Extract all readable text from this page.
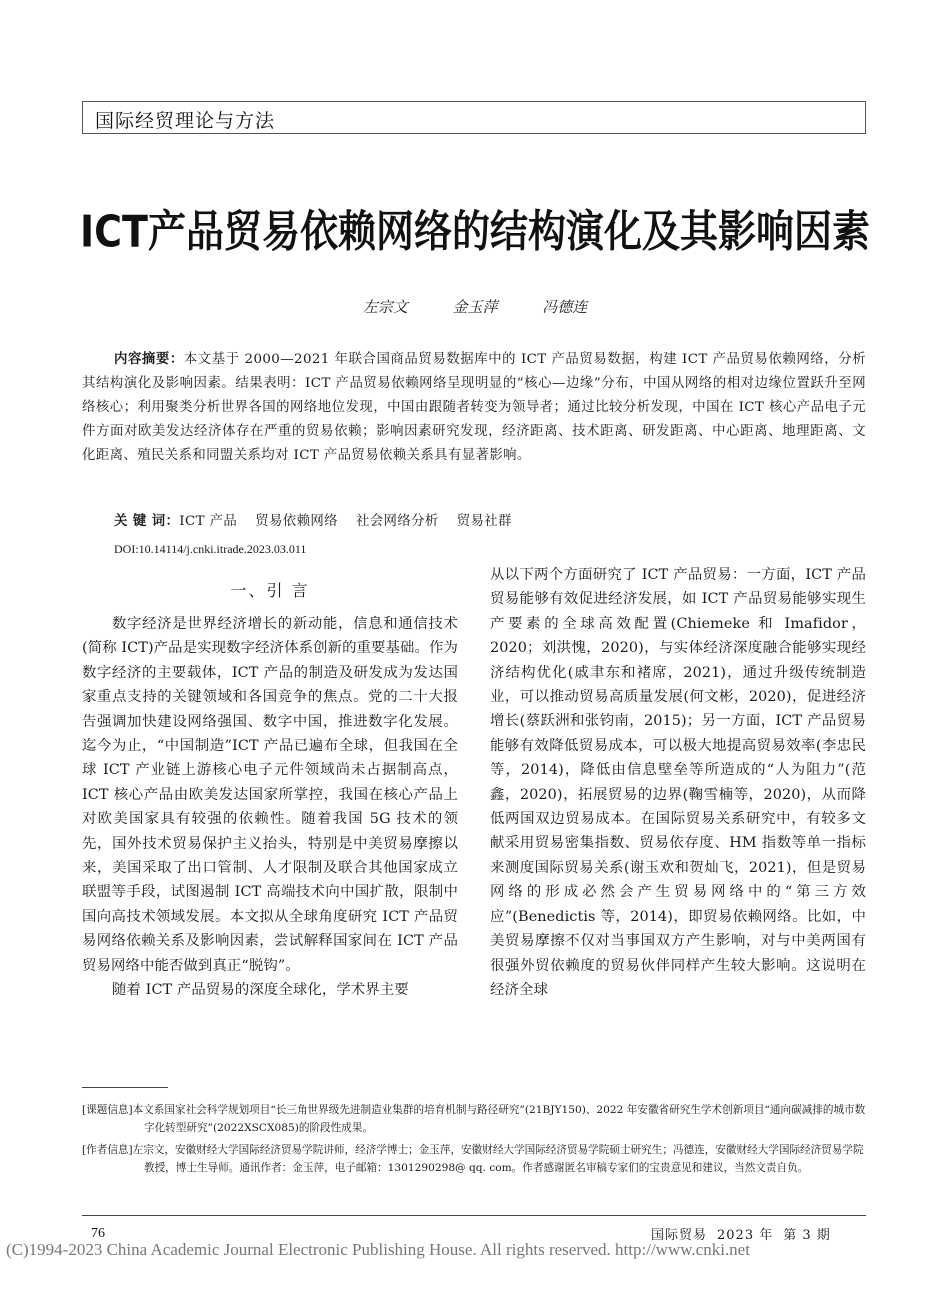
国际经贸理论与方法
ICT产品贸易依赖网络的结构演化及其影响因素
左宗文	金玉萍	冯德连
内容摘要：本文基于 2000—2021 年联合国商品贸易数据库中的 ICT 产品贸易数据，构建 ICT 产品贸易依赖网络，分析其结构演化及影响因素。结果表明：ICT 产品贸易依赖网络呈现明显的“核心—边缘”分布，中国从网络的相对边缘位置跃升至网络核心；利用聚类分析世界各国的网络地位发现，中国由跟随者转变为领导者；通过比较分析发现，中国在 ICT 核心产品电子元件方面对欧美发达经济体存在严重的贸易依赖；影响因素研究发现，经济距离、技术距离、研发距离、中心距离、地理距离、文化距离、殖民关系和同盟关系均对 ICT 产品贸易依赖关系具有显著影响。
关 键 词：ICT 产品 贸易依赖网络 社会网络分析 贸易社群
DOI:10.14114/j.cnki.itrade.2023.03.011
一、引 言
数字经济是世界经济增长的新动能，信息和通信技术(简称 ICT)产品是实现数字经济体系创新的重要基础。作为数字经济的主要载体，ICT 产品的制造及研发成为发达国家重点支持的关键领域和各国竞争的焦点。党的二十大报告强调加快建设网络强国、数字中国，推进数字化发展。迄今为止，“中国制造”ICT 产品已遍布全球，但我国在全球 ICT 产业链上游核心电子元件领域尚未占据制高点，ICT 核心产品由欧美发达国家所掌控，我国在核心产品上对欧美国家具有较强的依赖性。随着我国 5G 技术的领先，国外技术贸易保护主义抬头，特别是中美贸易摩擦以来，美国采取了出口管制、人才限制及联合其他国家成立联盟等手段，试图遏制 ICT 高端技术向中国扩散，限制中国向高技术领域发展。本文拟从全球角度研究 ICT 产品贸易网络依赖关系及影响因素，尝试解释国家间在 ICT 产品贸易网络中能否做到真正“脱钩”。
随着 ICT 产品贸易的深度全球化，学术界主要
从以下两个方面研究了 ICT 产品贸易：一方面，ICT 产品贸易能够有效促进经济发展，如 ICT 产品贸易能够实现生产要素的全球高效配置(Chiemeke 和 Imafidor，2020；刘洪愧，2020)，与实体经济深度融合能够实现经济结构优化(戚聿东和褚席，2021)，通过升级传统制造业，可以推动贸易高质量发展(何文彬，2020)，促进经济增长(蔡跃洲和张钧南，2015)；另一方面，ICT 产品贸易能够有效降低贸易成本，可以极大地提高贸易效率(李忠民等，2014)，降低由信息壁垒等所造成的“人为阻力”(范鑫，2020)，拓展贸易的边界(鞠雪楠等，2020)，从而降低两国双边贸易成本。在国际贸易关系研究中，有较多文献采用贸易密集指数、贸易依存度、HM 指数等单一指标来测度国际贸易关系(谢玉欢和贺灿飞，2021)，但是贸易网络的形成必然会产生贸易网络中的“第三方效应”(Benedictis 等，2014)，即贸易依赖网络。比如，中美贸易摩擦不仅对当事国双方产生影响，对与中美两国有很强外贸依赖度的贸易伙伴同样产生较大影响。这说明在经济全球
[课题信息]本文系国家社会科学规划项目“长三角世界级先进制造业集群的培育机制与路径研究”(21BJY150)、2022 年安徽省研究生学术创新项目“通向碳减排的城市数字化转型研究”(2022XSCX085)的阶段性成果。
[作者信息]左宗文，安徽财经大学国际经济贸易学院讲师，经济学博士；金玉萍，安徽财经大学国际经济贸易学院硕士研究生；冯德连，安徽财经大学国际经济贸易学院教授，博士生导师。通讯作者：金玉萍，电子邮箱：1301290298@ qq. com。作者感谢匿名审稿专家们的宝贵意见和建议，当然文责自负。
76	国际贸易 2023 年 第 3 期
(C)1994-2023 China Academic Journal Electronic Publishing House. All rights reserved. http://www.cnki.net
